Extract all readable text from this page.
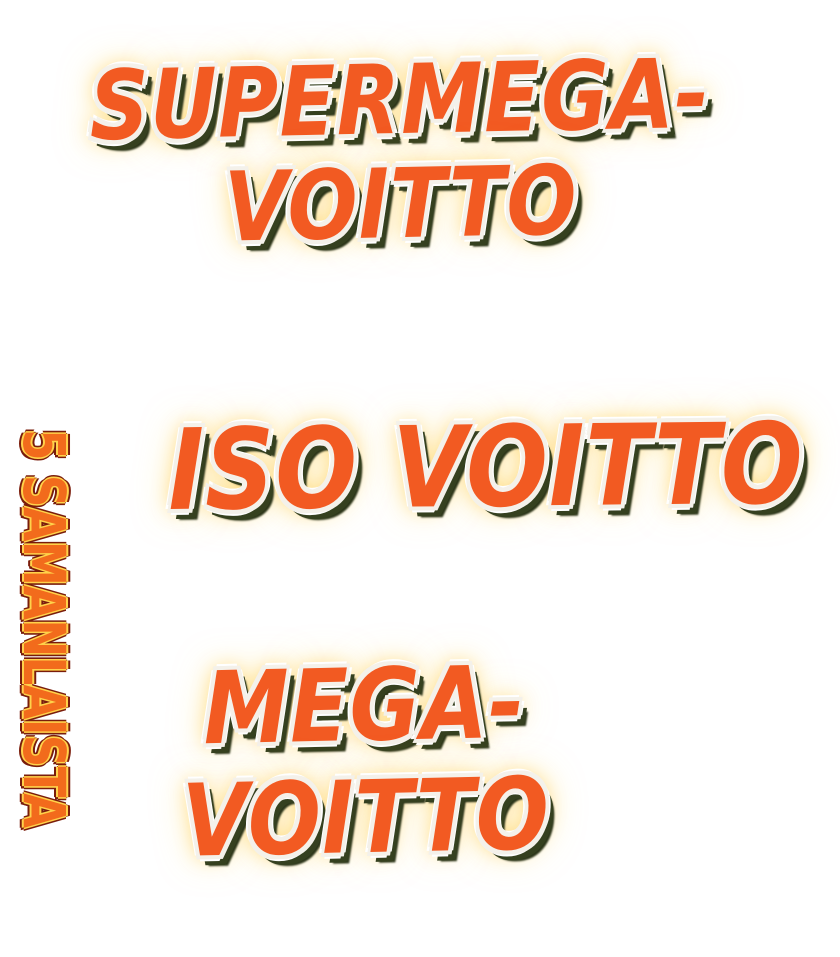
SUPERMEGA-
VOITTO
ISO VOITTO
MEGA-
VOITTO
5 SAMANLAISTA
